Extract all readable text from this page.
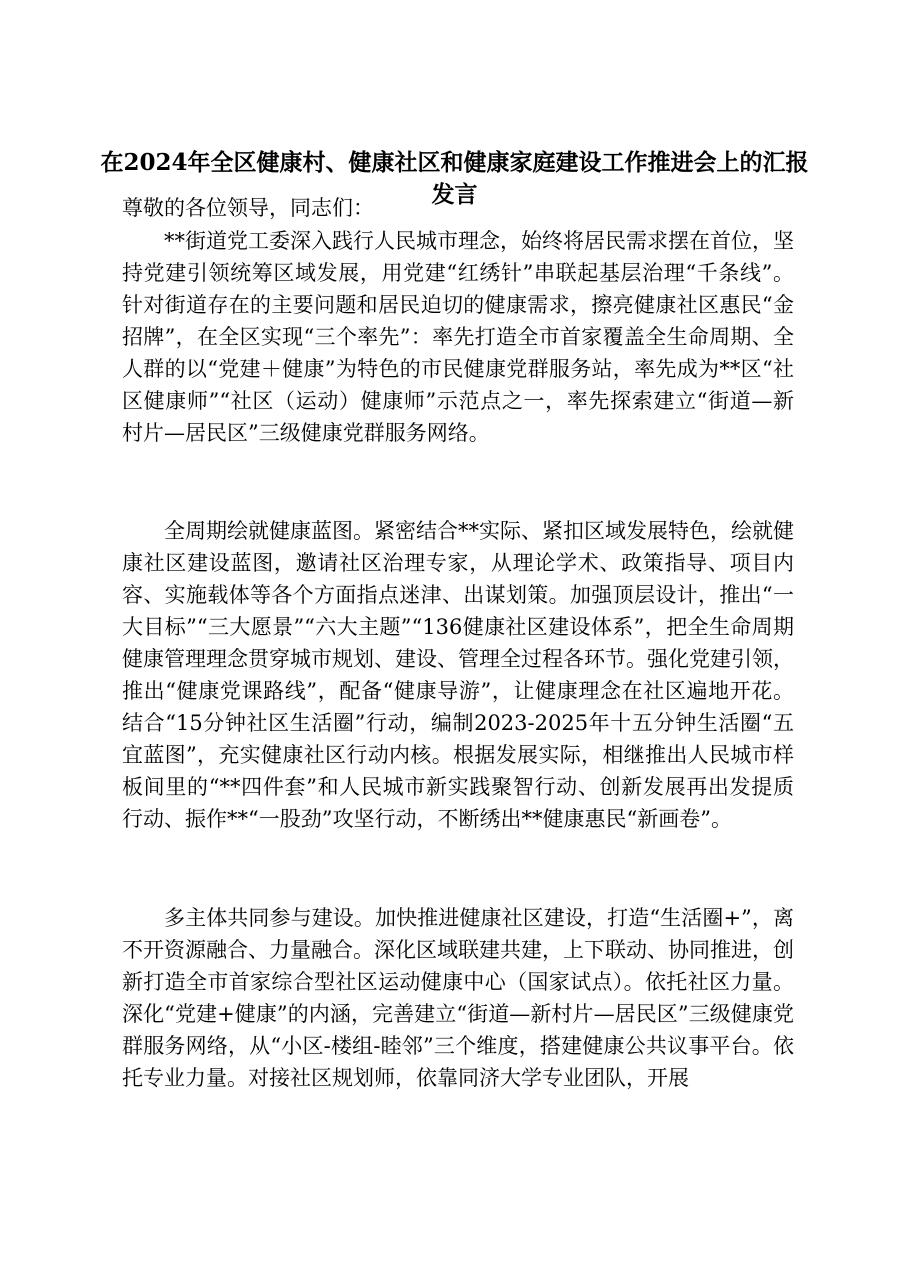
在2024年全区健康村、健康社区和健康家庭建设工作推进会上的汇报发言

尊敬的各位领导，同志们：

**街道党工委深入践行人民城市理念，始终将居民需求摆在首位，坚持党建引领统筹区域发展，用党建“红绣针”串联起基层治理“千条线”。针对街道存在的主要问题和居民迫切的健康需求，擦亮健康社区惠民“金招牌”，在全区实现“三个率先”：率先打造全市首家覆盖全生命周期、全人群的以“党建＋健康”为特色的市民健康党群服务站，率先成为**区“社区健康师”“社区（运动）健康师”示范点之一，率先探索建立“街道—新村片—居民区”三级健康党群服务网络。

全周期绘就健康蓝图。紧密结合**实际、紧扣区域发展特色，绘就健康社区建设蓝图，邀请社区治理专家，从理论学术、政策指导、项目内容、实施载体等各个方面指点迷津、出谋划策。加强顶层设计，推出“一大目标”“三大愿景”“六大主题”“136健康社区建设体系”，把全生命周期健康管理理念贯穿城市规划、建设、管理全过程各环节。强化党建引领，推出“健康党课路线”，配备“健康导游”，让健康理念在社区遍地开花。结合“15分钟社区生活圈”行动，编制2023-2025年十五分钟生活圈“五宜蓝图”，充实健康社区行动内核。根据发展实际，相继推出人民城市样板间里的“**四件套”和人民城市新实践聚智行动、创新发展再出发提质行动、振作**“一股劲”攻坚行动，不断绣出**健康惠民“新画卷”。

多主体共同参与建设。加快推进健康社区建设，打造“生活圈+”，离不开资源融合、力量融合。深化区域联建共建，上下联动、协同推进，创新打造全市首家综合型社区运动健康中心（国家试点）。依托社区力量。深化“党建+健康”的内涵，完善建立“街道—新村片—居民区”三级健康党群服务网络，从“小区-楼组-睦邻”三个维度，搭建健康公共议事平台。依托专业力量。对接社区规划师，依靠同济大学专业团队，开展
